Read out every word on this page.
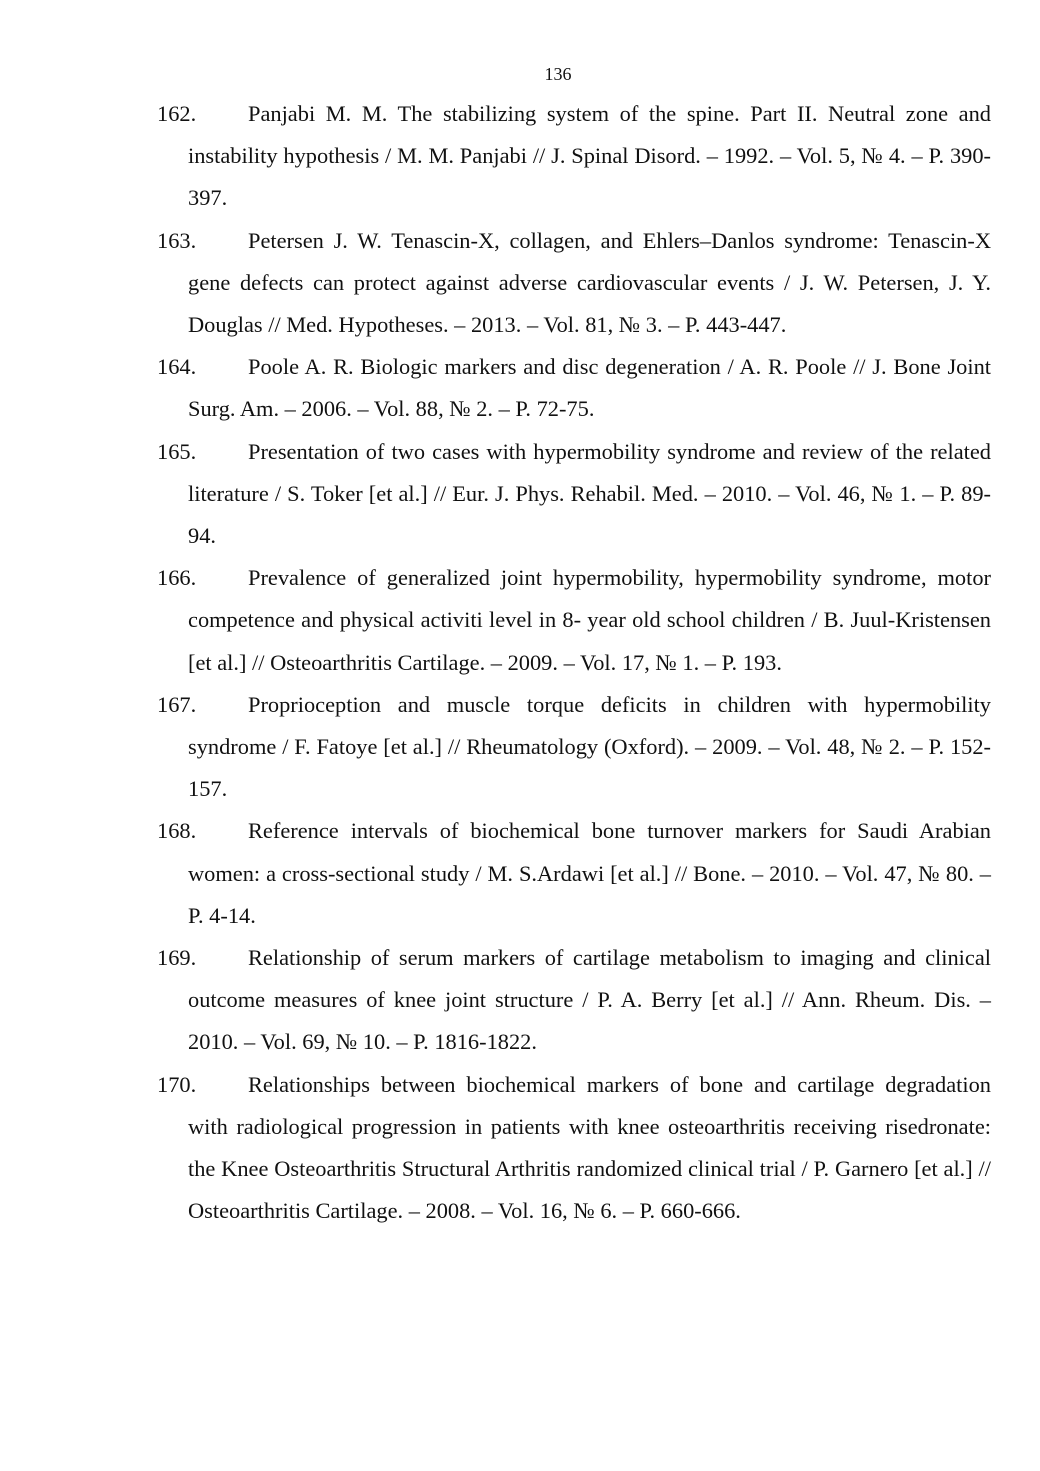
136
162.	Panjabi M. M. The stabilizing system of the spine. Part II. Neutral zone and instability hypothesis / M. M. Panjabi // J. Spinal Disord. – 1992. – Vol. 5, № 4. – P. 390-397.
163.	Petersen J. W. Tenascin-X, collagen, and Ehlers–Danlos syndrome: Tenascin-X gene defects can protect against adverse cardiovascular events / J. W. Petersen, J. Y. Douglas // Med. Hypotheses. – 2013. – Vol. 81, № 3. – P. 443-447.
164.	Poole A. R. Biologic markers and disc degeneration / A. R. Poole // J. Bone Joint Surg. Am. – 2006. – Vol. 88, № 2. – P. 72-75.
165.	Presentation of two cases with hypermobility syndrome and review of the related literature / S. Toker [et al.] // Eur. J. Phys. Rehabil. Med. – 2010. – Vol. 46, № 1. – P. 89-94.
166.	Prevalence of generalized joint hypermobility, hypermobility syndrome, motor competence and physical activiti level in 8- year old school children / B. Juul-Kristensen [et al.] // Osteoarthritis Cartilage. – 2009. – Vol. 17, № 1. – P. 193.
167.	Proprioception and muscle torque deficits in children with hypermobility syndrome / F. Fatoye [et al.] // Rheumatology (Oxford). – 2009. – Vol. 48, № 2. – P. 152-157.
168.	Reference intervals of biochemical bone turnover markers for Saudi Arabian women: a cross-sectional study / M. S.Ardawi [et al.] // Bone. – 2010. – Vol. 47, № 80. – P. 4-14.
169.	Relationship of serum markers of cartilage metabolism to imaging and clinical outcome measures of knee joint structure / P. A. Berry [et al.] // Ann. Rheum. Dis. – 2010. – Vol. 69, № 10. – P. 1816-1822.
170.	Relationships between biochemical markers of bone and cartilage degradation with radiological progression in patients with knee osteoarthritis receiving risedronate: the Knee Osteoarthritis Structural Arthritis randomized clinical trial / P. Garnero [et al.] // Osteoarthritis Cartilage. – 2008. – Vol. 16, № 6. – P. 660-666.
